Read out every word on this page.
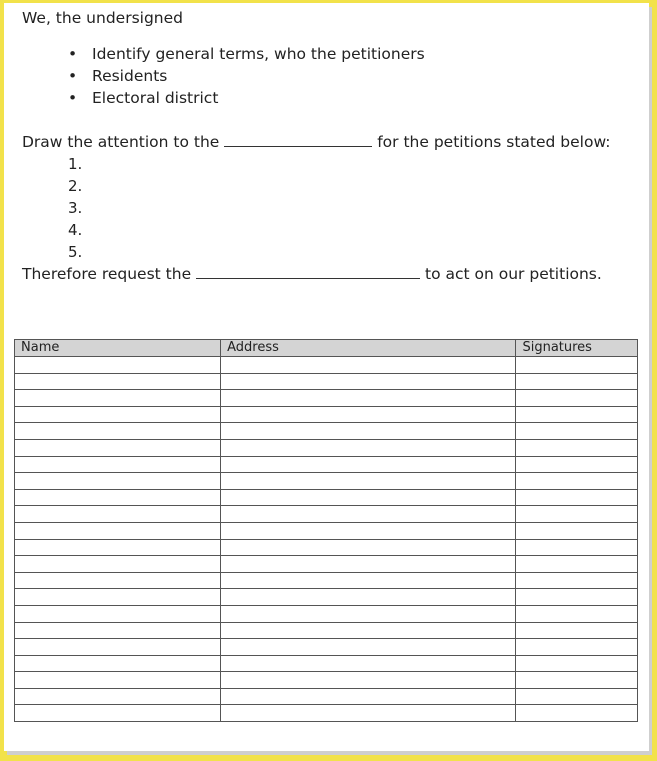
We, the undersigned
• Identify general terms, who the petitioners
• Residents
• Electoral district
Draw the attention to the	for the petitions stated below:
1.
2.
3.
4.
5.
Therefore request the	to act on our petitions.
Name	Address	Signatures
